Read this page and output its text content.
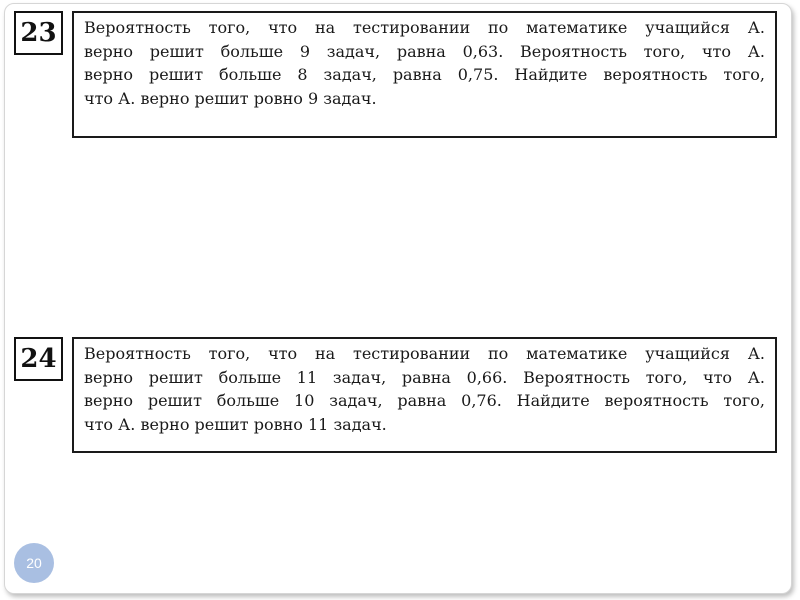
23	Вероятность того, что на тестировании по математике учащийся А.
верно решит больше 9 задач, равна 0,63. Вероятность того, что А.
верно решит больше 8 задач, равна 0,75. Найдите вероятность того,
что А. верно решит ровно 9 задач.
24	Вероятность того, что на тестировании по математике учащийся А.
верно решит больше 11 задач, равна 0,66. Вероятность того, что А.
верно решит больше 10 задач, равна 0,76. Найдите вероятность того,
что А. верно решит ровно 11 задач.
20
